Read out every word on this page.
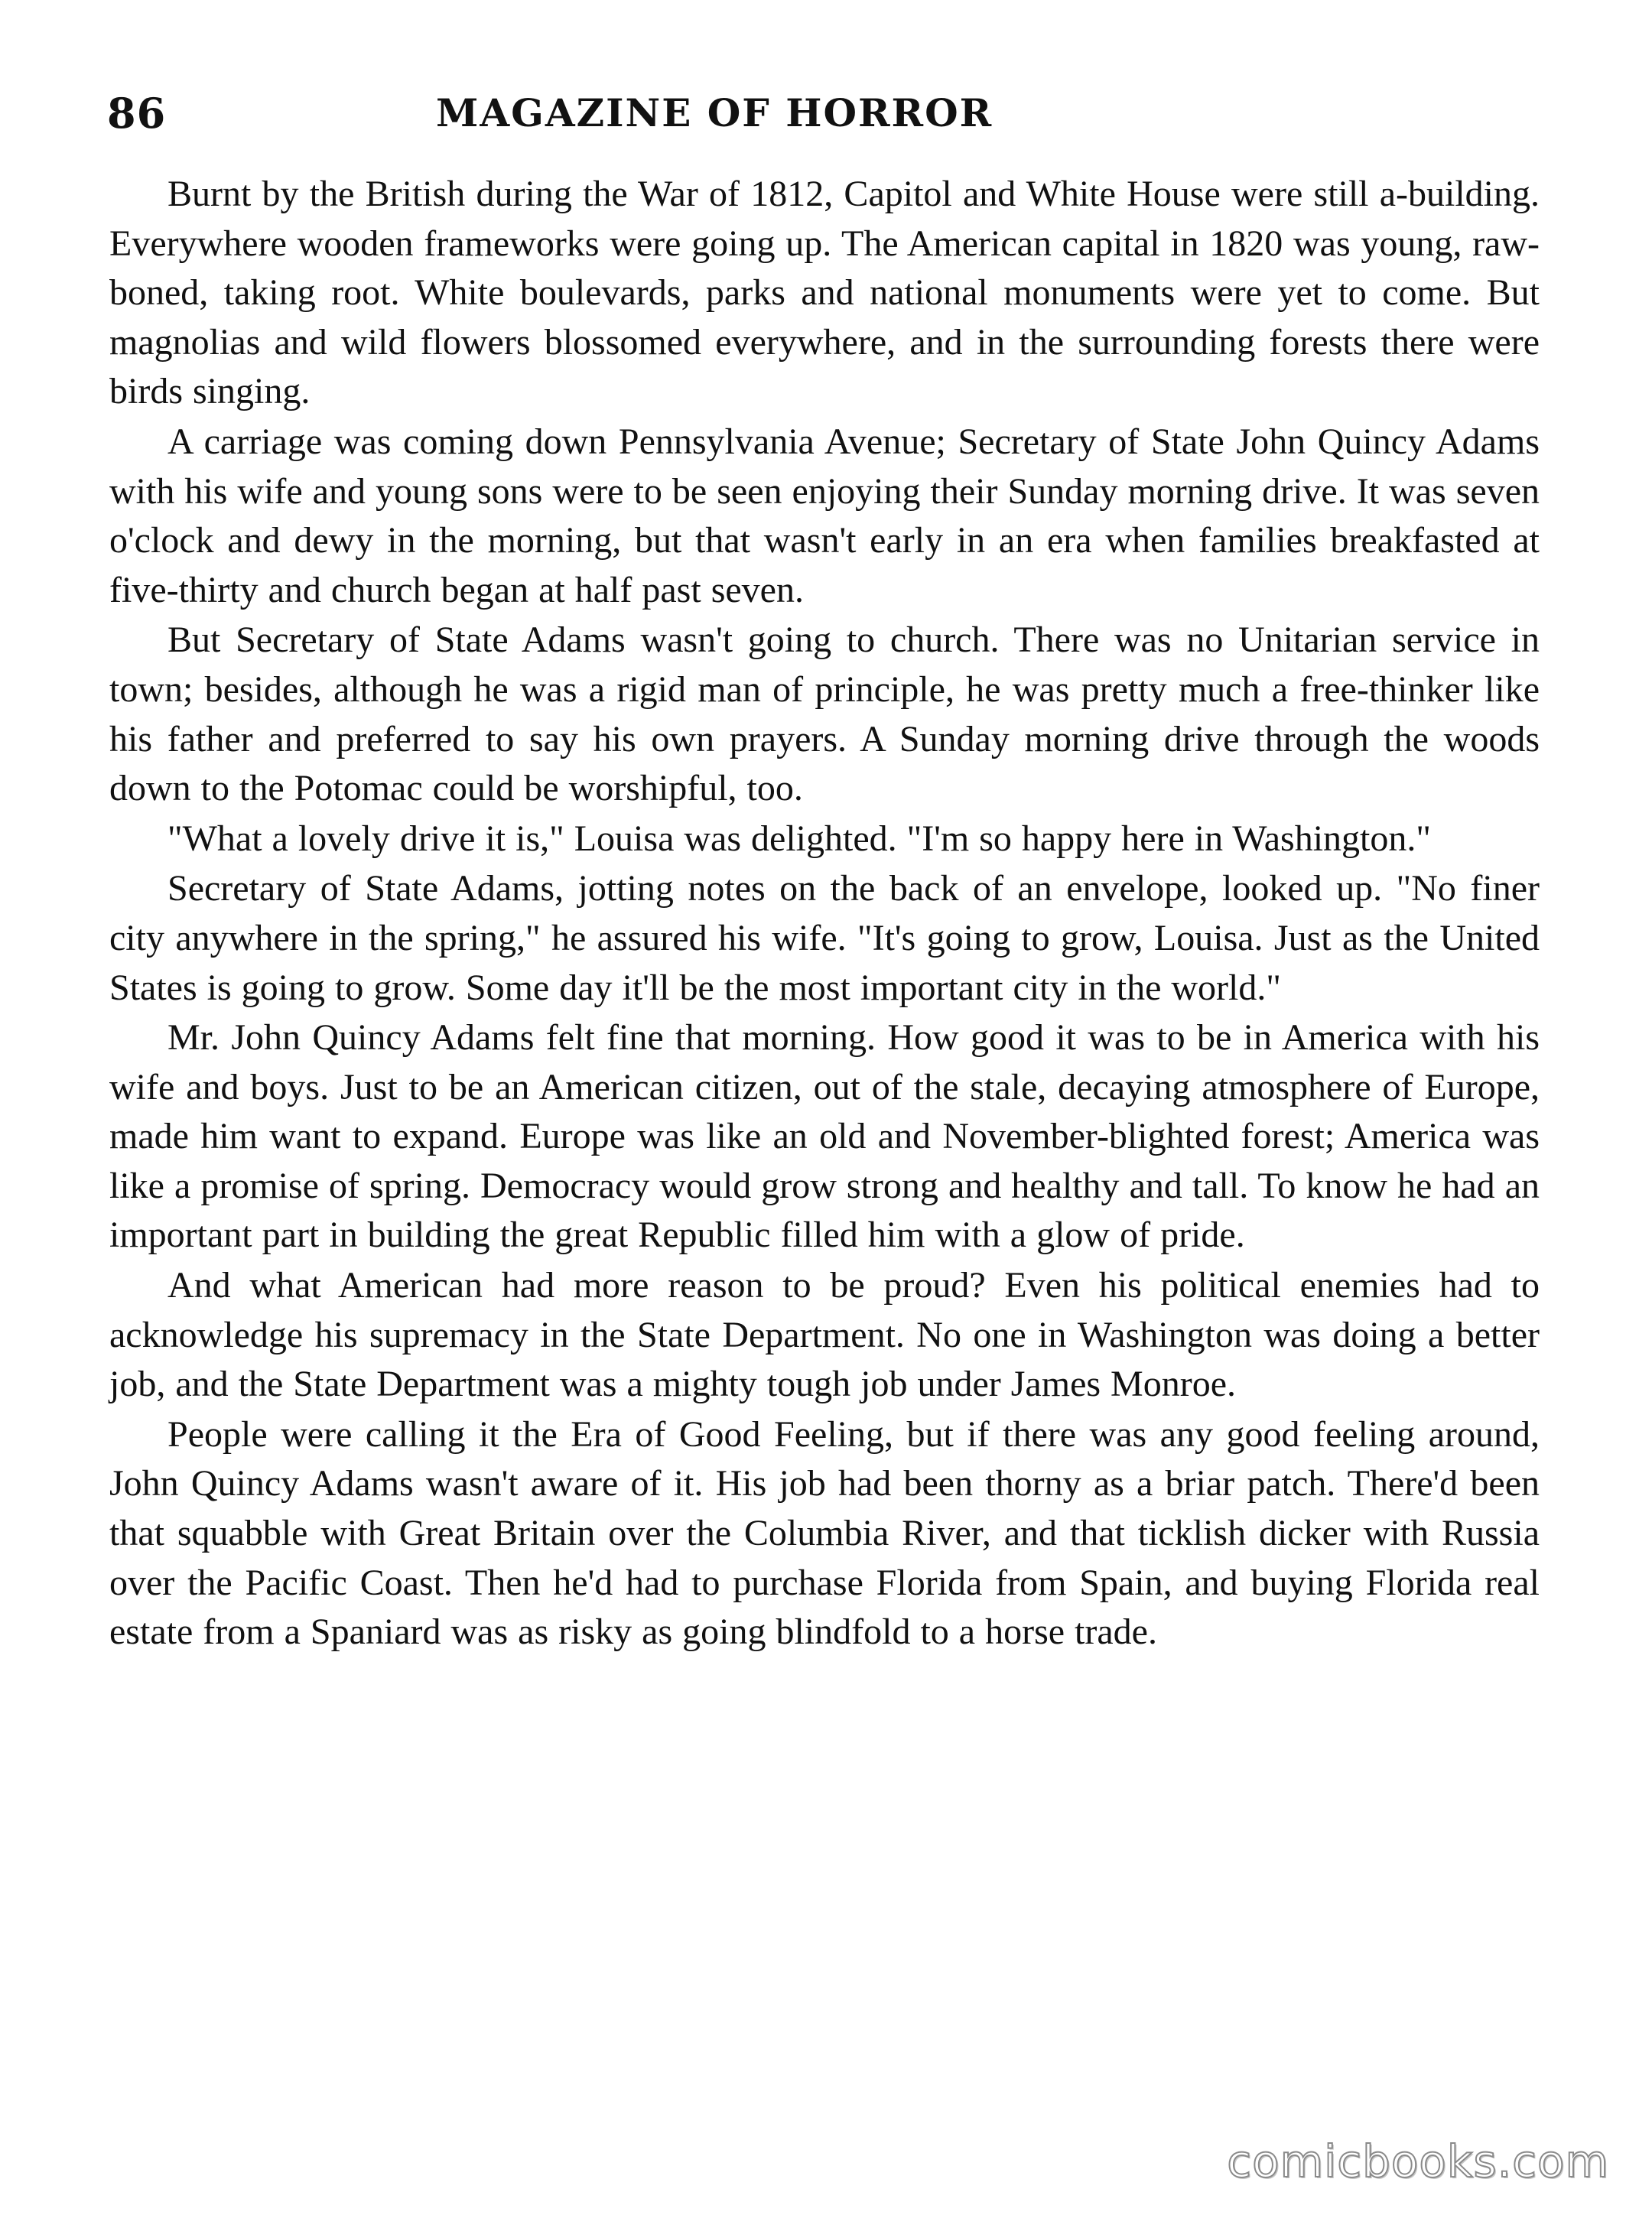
86	MAGAZINE OF HORROR

Burnt by the British during the War of 1812, Capitol and White House were still a-building. Everywhere wooden frameworks were going up. The American capital in 1820 was young, raw-boned, taking root. White boulevards, parks and national monuments were yet to come. But magnolias and wild flowers blossomed everywhere, and in the surrounding forests there were birds singing.

A carriage was coming down Pennsylvania Avenue; Secretary of State John Quincy Adams with his wife and young sons were to be seen enjoying their Sunday morning drive. It was seven o'clock and dewy in the morning, but that wasn't early in an era when families breakfasted at five-thirty and church began at half past seven.

But Secretary of State Adams wasn't going to church. There was no Unitarian service in town; besides, although he was a rigid man of principle, he was pretty much a free-thinker like his father and preferred to say his own prayers. A Sunday morning drive through the woods down to the Potomac could be worshipful, too.

"What a lovely drive it is," Louisa was delighted. "I'm so happy here in Washington."

Secretary of State Adams, jotting notes on the back of an envelope, looked up. "No finer city anywhere in the spring," he assured his wife. "It's going to grow, Louisa. Just as the United States is going to grow. Some day it'll be the most important city in the world."

Mr. John Quincy Adams felt fine that morning. How good it was to be in America with his wife and boys. Just to be an American citizen, out of the stale, decaying atmosphere of Europe, made him want to expand. Europe was like an old and November-blighted forest; America was like a promise of spring. Democracy would grow strong and healthy and tall. To know he had an important part in building the great Republic filled him with a glow of pride.

And what American had more reason to be proud? Even his political enemies had to acknowledge his supremacy in the State Department. No one in Washington was doing a better job, and the State Department was a mighty tough job under James Monroe.

People were calling it the Era of Good Feeling, but if there was any good feeling around, John Quincy Adams wasn't aware of it. His job had been thorny as a briar patch. There'd been that squabble with Great Britain over the Columbia River, and that ticklish dicker with Russia over the Pacific Coast. Then he'd had to purchase Florida from Spain, and buying Florida real estate from a Spaniard was as risky as going blindfold to a horse trade.

comicbooks.com
